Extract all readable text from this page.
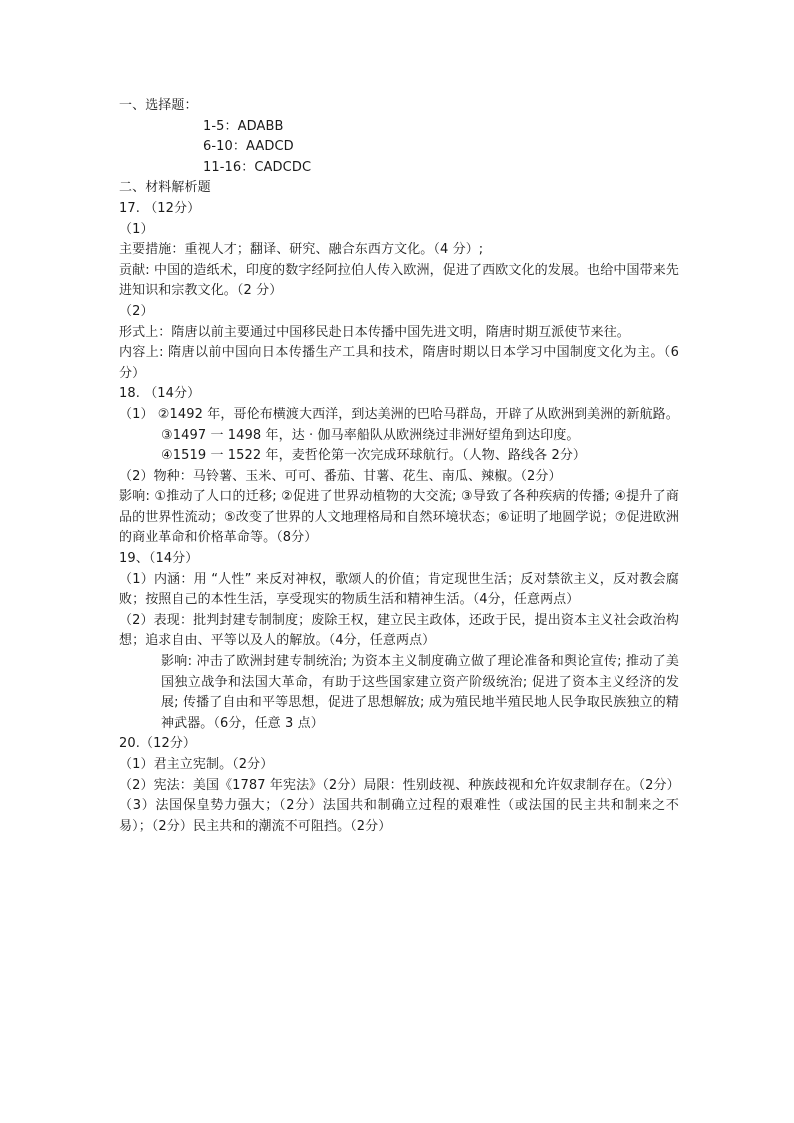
一、选择题：
1-5：ADABB
6-10：AADCD
11-16：CADCDC
二、材料解析题
17. （12分）
（1）
主要措施：重视人才；翻译、研究、融合东西方文化。（4 分）;
贡献: 中国的造纸术，印度的数字经阿拉伯人传入欧洲，促进了西欧文化的发展。也给中国带来先进知识和宗教文化。（2 分）
（2）
形式上：隋唐以前主要通过中国移民赴日本传播中国先进文明，隋唐时期互派使节来往。
内容上: 隋唐以前中国向日本传播生产工具和技术，隋唐时期以日本学习中国制度文化为主。（6 分）
18. （14分）
（1） ②1492 年，哥伦布横渡大西洋，到达美洲的巴哈马群岛，开辟了从欧洲到美洲的新航路。
③1497 一 1498 年，达 · 伽马率船队从欧洲绕过非洲好望角到达印度。
④1519 一 1522 年，麦哲伦第一次完成环球航行。（人物、路线各 2分）
（2）物种：马铃薯、玉米、可可、番茄、甘薯、花生、南瓜、辣椒。（2分）
影响: ①推动了人口的迁移; ②促进了世界动植物的大交流; ③导致了各种疾病的传播; ④提升了商品的世界性流动；⑤改变了世界的人文地理格局和自然环境状态；⑥证明了地圆学说；⑦促进欧洲的商业革命和价格革命等。（8分）
19、（14分）
（1）内涵：用 “人性” 来反对神权，歌颂人的价值；肯定现世生活；反对禁欲主义，反对教会腐败；按照自己的本性生活，享受现实的物质生活和精神生活。（4分，任意两点）
（2）表现：批判封建专制制度；废除王权，建立民主政体，还政于民，提出资本主义社会政治构想；追求自由、平等以及人的解放。（4分，任意两点）
影响: 冲击了欧洲封建专制统治; 为资本主义制度确立做了理论准备和舆论宣传; 推动了美国独立战争和法国大革命，有助于这些国家建立资产阶级统治; 促进了资本主义经济的发展; 传播了自由和平等思想，促进了思想解放; 成为殖民地半殖民地人民争取民族独立的精神武器。（6分，任意 3 点）
20.（12分）
（1）君主立宪制。（2分）
（2）宪法：美国《1787 年宪法》（2分）局限：性别歧视、种族歧视和允许奴隶制存在。（2分）
（3）法国保皇势力强大；（2分）法国共和制确立过程的艰难性（或法国的民主共和制来之不易）；（2分）民主共和的潮流不可阻挡。（2分）
